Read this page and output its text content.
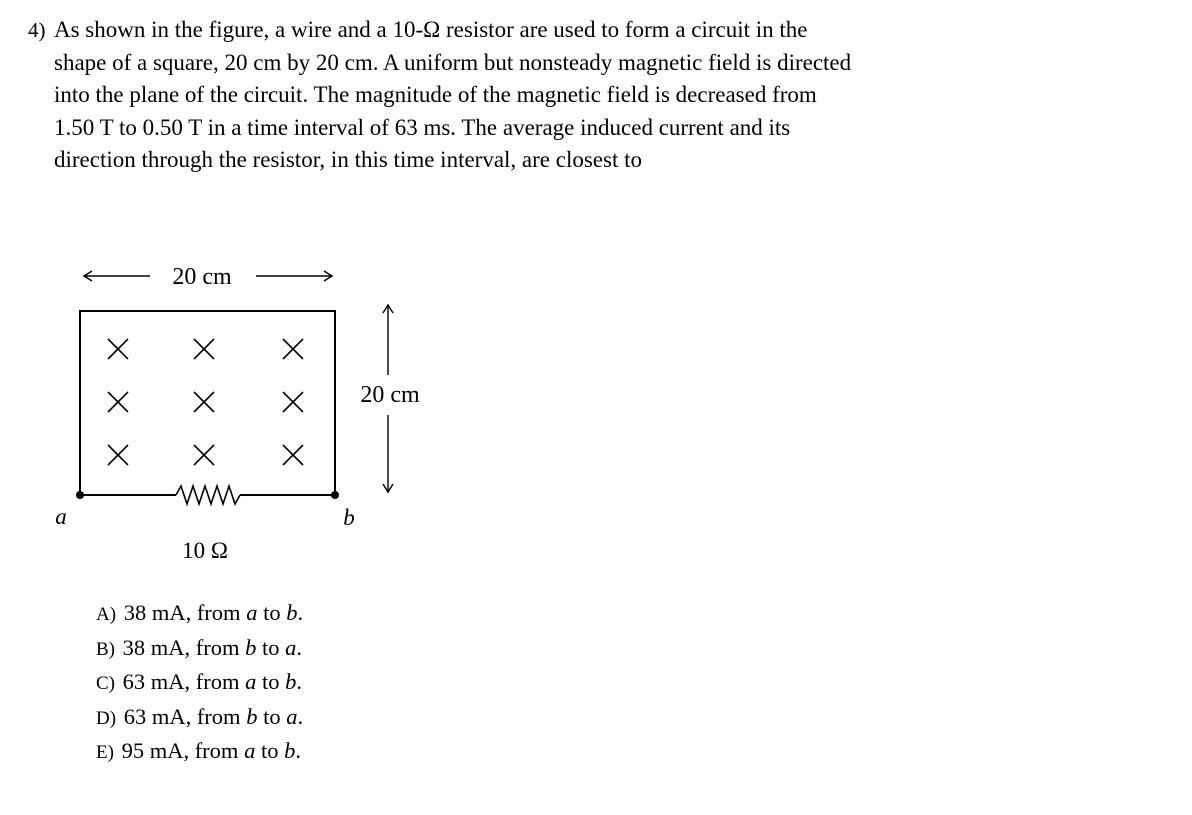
4) As shown in the figure, a wire and a 10-Ω resistor are used to form a circuit in the
shape of a square, 20 cm by 20 cm. A uniform but nonsteady magnetic field is directed
into the plane of the circuit. The magnitude of the magnetic field is decreased from
1.50 T to 0.50 T in a time interval of 63 ms. The average induced current and its
direction through the resistor, in this time interval, are closest to
20 cm
20 cm
a	b
10 Ω
A) 38 mA, from a to b.
B) 38 mA, from b to a.
C) 63 mA, from a to b.
D) 63 mA, from b to a.
E) 95 mA, from a to b.
